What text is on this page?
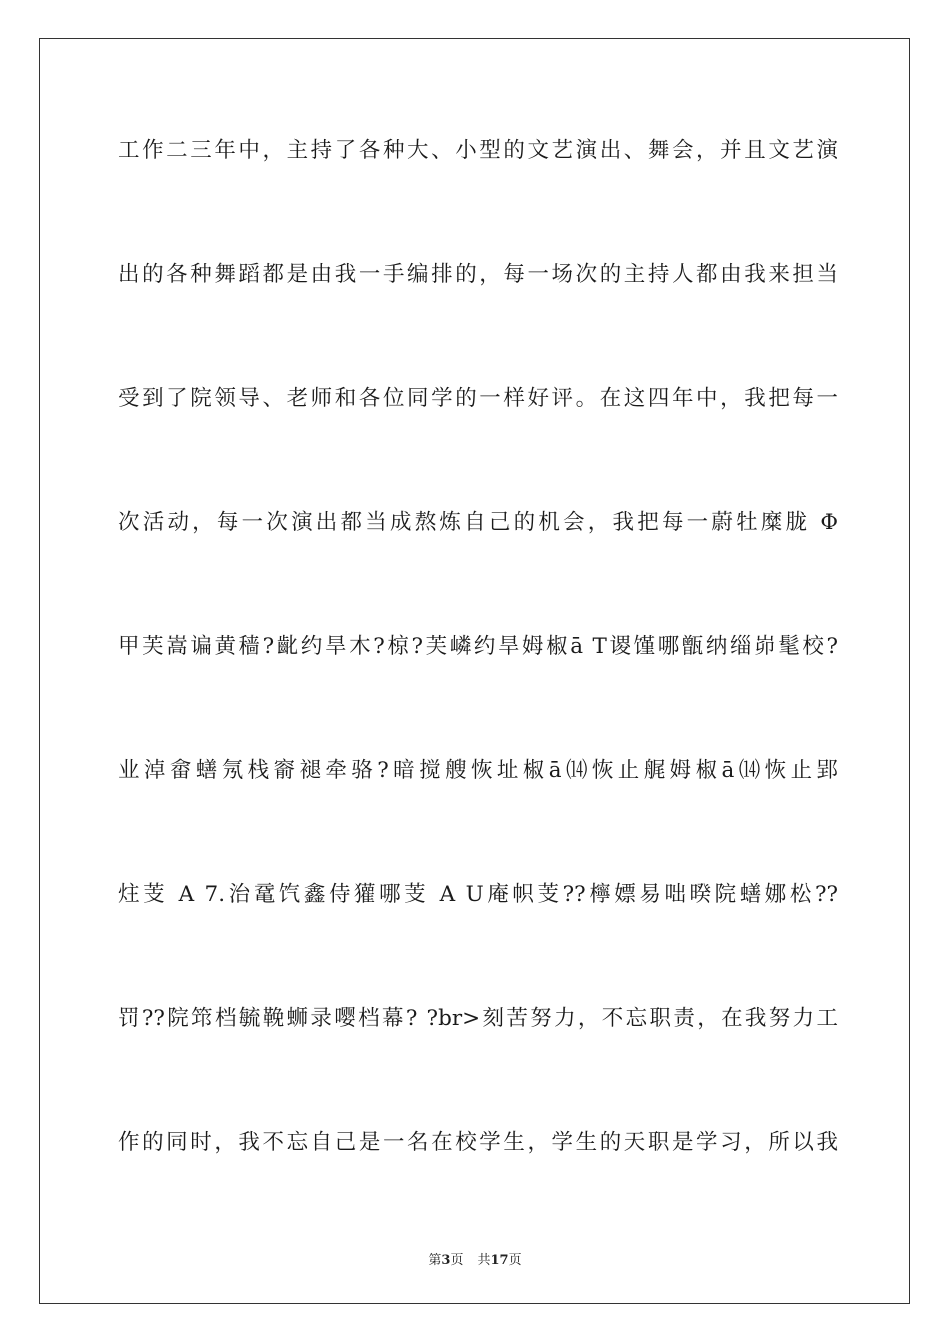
工作二三年中，主持了各种大、小型的文艺演出、舞会，并且文艺演
出的各种舞蹈都是由我一手编排的，每一场次的主持人都由我来担当
受到了院领导、老师和各位同学的一样好评。在这四年中，我把每一
次活动，每一次演出都当成熬炼自己的机会，我把每一蔚牡糜胧 Φ
甲芙嵩谝黄穑?齔约旱木?椋?芙嶙约旱姆椒ā T谡馑哪甑纳缁峁髦校?
业淖畲蟮氖栈窬褪牵骆?暗搅艘恢址椒ā⒁恢止艉姆椒ā⒁恢止郢
炷芰 A 7.治鼋饩鑫侍獾哪芰 A U庵帜芰??檸嫖易咄暌院蟮娜松??
罚??院筇档毓鞔蛳录嘤档幕? ?br>刻苦努力，不忘职责，在我努力工
作的同时，我不忘自己是一名在校学生，学生的天职是学习，所以我
第3页 共17页
